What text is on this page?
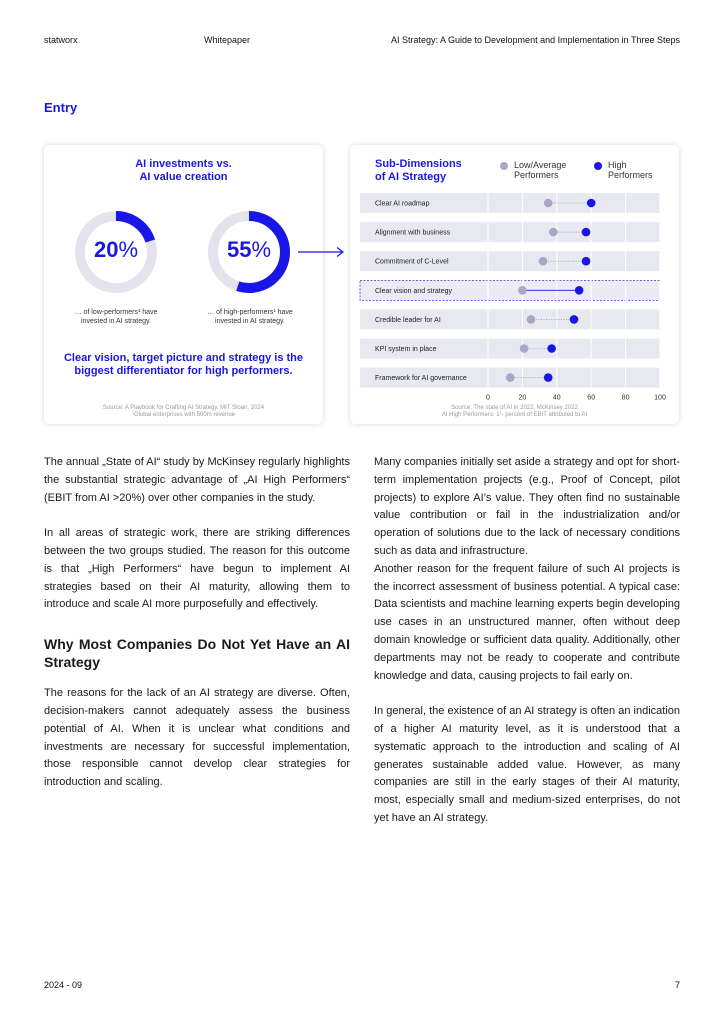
statworx	Whitepaper	AI Strategy: A Guide to Development and Implementation in Three Steps
Entry
AI investments vs.
AI value creation
20%	55%
… of low-performers¹ have
invested in AI strategy.
… of high-performers¹ have
invested in AI strategy.
Clear vision, target picture and strategy is the
biggest differentiator for high performers.
Source: A Playbook for Crafting AI Strategy, MIT Sloan, 2024
¹Global enterprises with 500m revenue
0	20	40	60	80	100
Clear AI roadmap
Alignment with business
Commitment of C-Level
Clear vision and strategy
Credible leader for AI
KPI system in place
Framework for AI governance
Sub-Dimensions
of AI Strategy
Low/Average
Performers
High
Performers
Source: The state of AI in 2022, McKinsey 2022
AI High Performers: 1¹- percent of EBIT attributed to AI

The annual „State of AI“ study by McKinsey regularly highlights the substantial strategic advantage of „AI High Performers“ (EBIT from AI >20%) over other companies in the study.

In all areas of strategic work, there are striking differences between the two groups studied. The reason for this outcome is that „High Performers“ have begun to implement AI strategies based on their AI maturity, allowing them to introduce and scale AI more purposefully and effectively.

Why Most Companies Do Not Yet Have an AI Strategy

The reasons for the lack of an AI strategy are diverse. Often, decision-makers cannot adequately assess the business potential of AI. When it is unclear what conditions and investments are necessary for successful implementation, those responsible cannot develop clear strategies for introduction and scaling.

Many companies initially set aside a strategy and opt for short-term implementation projects (e.g., Proof of Concept, pilot projects) to explore AI’s value. They often find no sustainable value contribution or fail in the industrialization and/or operation of solutions due to the lack of necessary conditions such as data and infrastructure.

Another reason for the frequent failure of such AI projects is the incorrect assessment of business potential. A typical case: Data scientists and machine learning experts begin developing use cases in an unstructured manner, often without deep domain knowledge or sufficient data quality. Additionally, other departments may not be ready to cooperate and contribute knowledge and data, causing projects to fail early on.

In general, the existence of an AI strategy is often an indication of a higher AI maturity level, as it is understood that a systematic approach to the introduction and scaling of AI generates sustainable added value. However, as many companies are still in the early stages of their AI maturity, most, especially small and medium-sized enterprises, do not yet have an AI strategy.

2024 - 09	7
